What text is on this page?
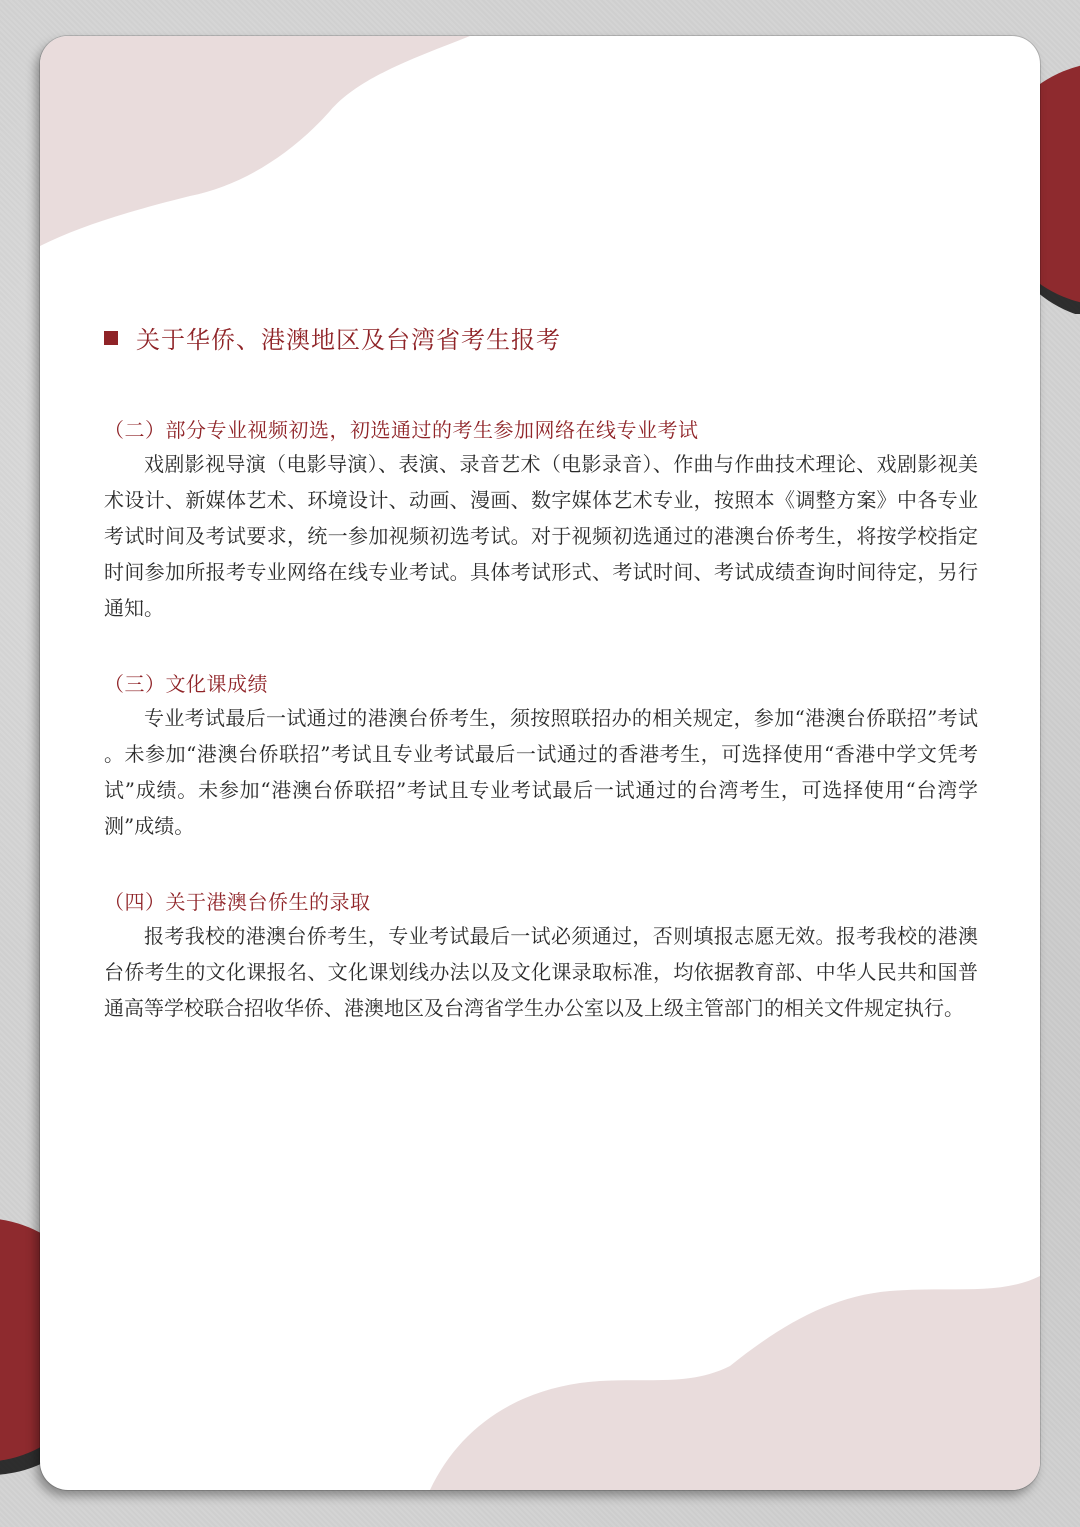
关于华侨、港澳地区及台湾省考生报考
（二）部分专业视频初选，初选通过的考生参加网络在线专业考试
戏剧影视导演（电影导演）、表演、录音艺术（电影录音）、作曲与作曲技术理论、戏剧影视美术设计、新媒体艺术、环境设计、动画、漫画、数字媒体艺术专业，按照本《调整方案》中各专业考试时间及考试要求，统一参加视频初选考试。对于视频初选通过的港澳台侨考生，将按学校指定时间参加所报考专业网络在线专业考试。具体考试形式、考试时间、考试成绩查询时间待定，另行通知。
（三）文化课成绩
专业考试最后一试通过的港澳台侨考生，须按照联招办的相关规定，参加“港澳台侨联招”考试 。未参加“港澳台侨联招”考试且专业考试最后一试通过的香港考生，可选择使用“香港中学文凭考试”成绩。未参加“港澳台侨联招”考试且专业考试最后一试通过的台湾考生，可选择使用“台湾学测”成绩。
（四）关于港澳台侨生的录取
报考我校的港澳台侨考生，专业考试最后一试必须通过，否则填报志愿无效。报考我校的港澳台侨考生的文化课报名、文化课划线办法以及文化课录取标准，均依据教育部、中华人民共和国普通高等学校联合招收华侨、港澳地区及台湾省学生办公室以及上级主管部门的相关文件规定执行。
